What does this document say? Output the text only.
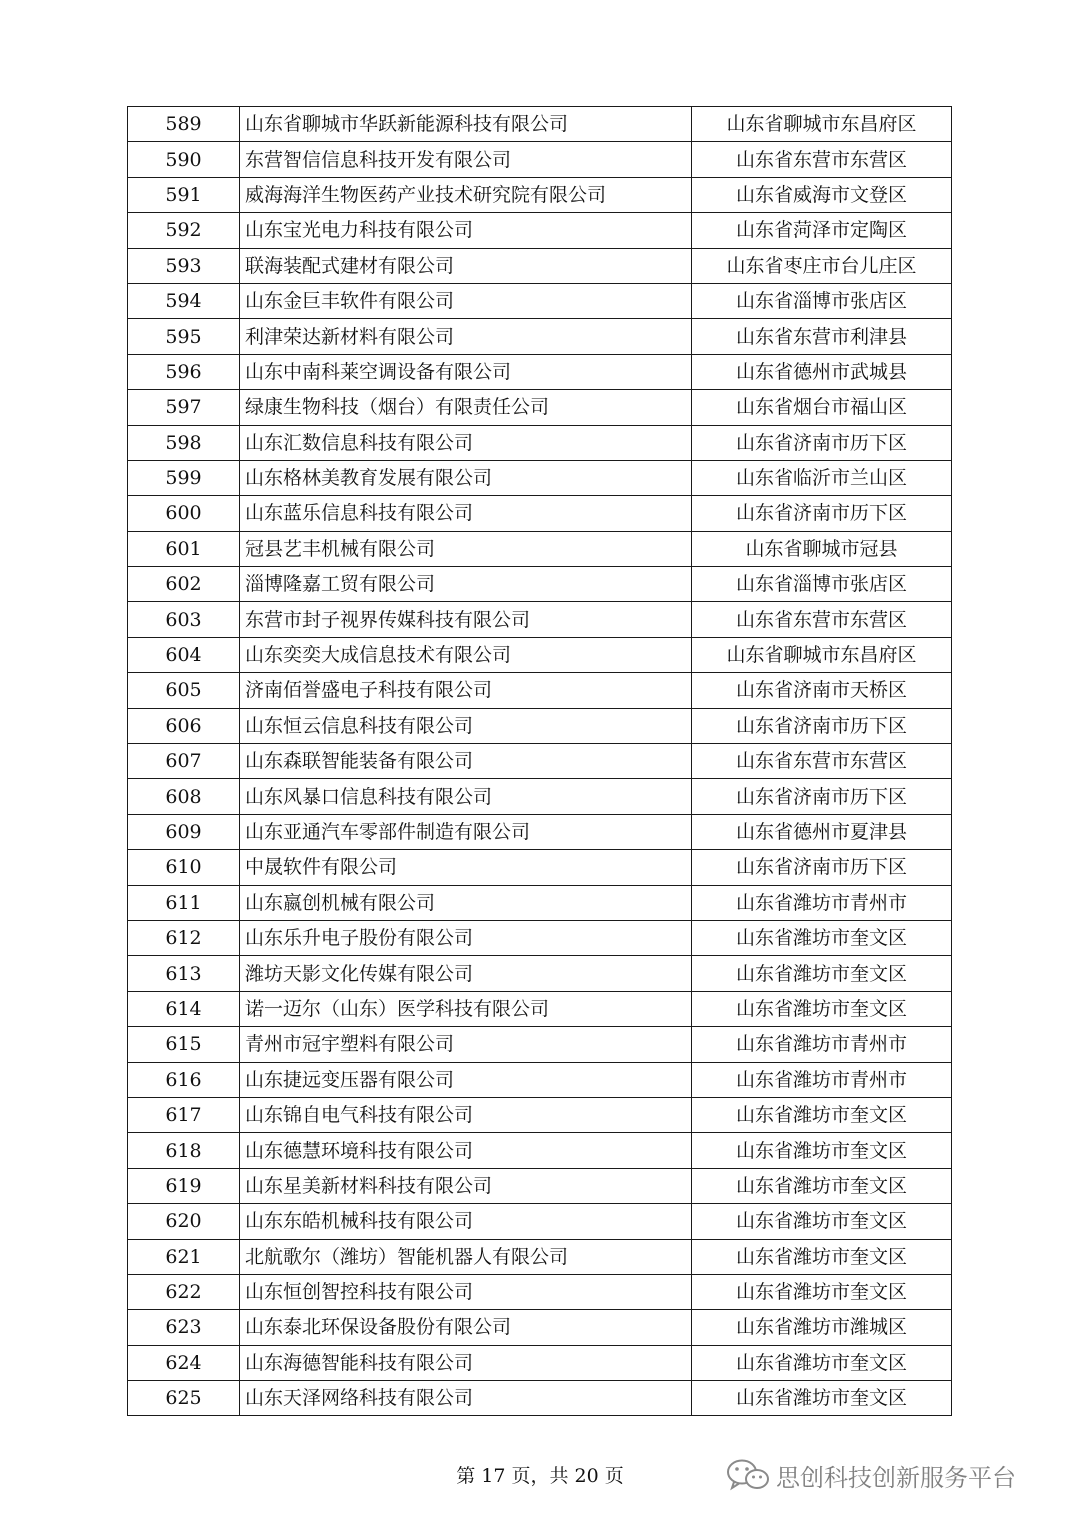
589	山东省聊城市华跃新能源科技有限公司	山东省聊城市东昌府区
590	东营智信信息科技开发有限公司	山东省东营市东营区
591	威海海洋生物医药产业技术研究院有限公司	山东省威海市文登区
592	山东宝光电力科技有限公司	山东省菏泽市定陶区
593	联海装配式建材有限公司	山东省枣庄市台儿庄区
594	山东金巨丰软件有限公司	山东省淄博市张店区
595	利津荣达新材料有限公司	山东省东营市利津县
596	山东中南科莱空调设备有限公司	山东省德州市武城县
597	绿康生物科技（烟台）有限责任公司	山东省烟台市福山区
598	山东汇数信息科技有限公司	山东省济南市历下区
599	山东格林美教育发展有限公司	山东省临沂市兰山区
600	山东蓝乐信息科技有限公司	山东省济南市历下区
601	冠县艺丰机械有限公司	山东省聊城市冠县
602	淄博隆嘉工贸有限公司	山东省淄博市张店区
603	东营市封子视界传媒科技有限公司	山东省东营市东营区
604	山东奕奕大成信息技术有限公司	山东省聊城市东昌府区
605	济南佰誉盛电子科技有限公司	山东省济南市天桥区
606	山东恒云信息科技有限公司	山东省济南市历下区
607	山东森联智能装备有限公司	山东省东营市东营区
608	山东风暴口信息科技有限公司	山东省济南市历下区
609	山东亚通汽车零部件制造有限公司	山东省德州市夏津县
610	中晟软件有限公司	山东省济南市历下区
611	山东嬴创机械有限公司	山东省潍坊市青州市
612	山东乐升电子股份有限公司	山东省潍坊市奎文区
613	潍坊天影文化传媒有限公司	山东省潍坊市奎文区
614	诺一迈尔（山东）医学科技有限公司	山东省潍坊市奎文区
615	青州市冠宇塑料有限公司	山东省潍坊市青州市
616	山东捷远变压器有限公司	山东省潍坊市青州市
617	山东锦自电气科技有限公司	山东省潍坊市奎文区
618	山东德慧环境科技有限公司	山东省潍坊市奎文区
619	山东星美新材料科技有限公司	山东省潍坊市奎文区
620	山东东皓机械科技有限公司	山东省潍坊市奎文区
621	北航歌尔（潍坊）智能机器人有限公司	山东省潍坊市奎文区
622	山东恒创智控科技有限公司	山东省潍坊市奎文区
623	山东泰北环保设备股份有限公司	山东省潍坊市潍城区
624	山东海德智能科技有限公司	山东省潍坊市奎文区
625	山东天泽网络科技有限公司	山东省潍坊市奎文区
第 17 页，共 20 页	思创科技创新服务平台
